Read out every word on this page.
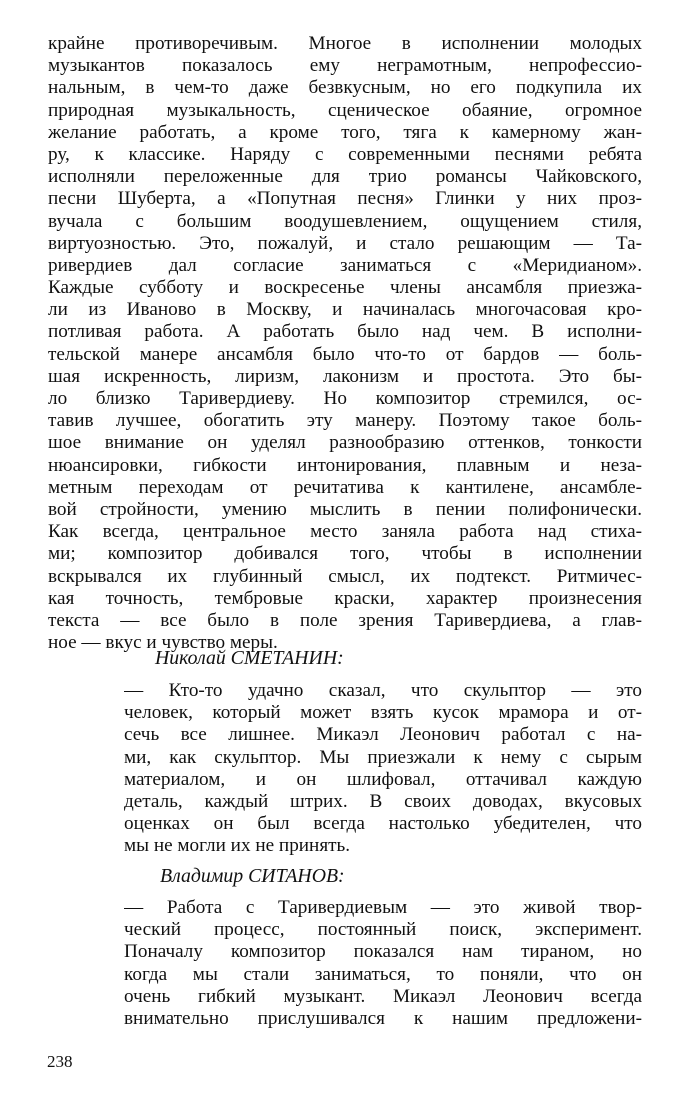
крайне противоречивым. Многое в исполнении молодых
музыкантов показалось ему неграмотным, непрофессио-
нальным, в чем-то даже безвкусным, но его подкупила их
природная музыкальность, сценическое обаяние, огромное
желание работать, а кроме того, тяга к камерному жан-
ру, к классике. Наряду с современными песнями ребята
исполняли переложенные для трио романсы Чайковского,
песни Шуберта, а «Попутная песня» Глинки у них проз-
вучала с большим воодушевлением, ощущением стиля,
виртуозностью. Это, пожалуй, и стало решающим — Та-
ривердиев дал согласие заниматься с «Меридианом».
Каждые субботу и воскресенье члены ансамбля приезжа-
ли из Иваново в Москву, и начиналась многочасовая кро-
потливая работа. А работать было над чем. В исполни-
тельской манере ансамбля было что-то от бардов — боль-
шая искренность, лиризм, лаконизм и простота. Это бы-
ло близко Таривердиеву. Но композитор стремился, ос-
тавив лучшее, обогатить эту манеру. Поэтому такое боль-
шое внимание он уделял разнообразию оттенков, тонкости
нюансировки, гибкости интонирования, плавным и неза-
метным переходам от речитатива к кантилене, ансамбле-
вой стройности, умению мыслить в пении полифонически.
Как всегда, центральное место заняла работа над стиха-
ми; композитор добивался того, чтобы в исполнении
вскрывался их глубинный смысл, их подтекст. Ритмичес-
кая точность, тембровые краски, характер произнесения
текста — все было в поле зрения Таривердиева, а глав-
ное — вкус и чувство меры.
Николай СМЕТАНИН:
— Кто-то удачно сказал, что скульптор — это
человек, который может взять кусок мрамора и от-
сечь все лишнее. Микаэл Леонович работал с на-
ми, как скульптор. Мы приезжали к нему с сырым
материалом, и он шлифовал, оттачивал каждую
деталь, каждый штрих. В своих доводах, вкусовых
оценках он был всегда настолько убедителен, что
мы не могли их не принять.
Владимир СИТАНОВ:
— Работа с Таривердиевым — это живой твор-
ческий процесс, постоянный поиск, эксперимент.
Поначалу композитор показался нам тираном, но
когда мы стали заниматься, то поняли, что он
очень гибкий музыкант. Микаэл Леонович всегда
внимательно прислушивался к нашим предложени-
238
